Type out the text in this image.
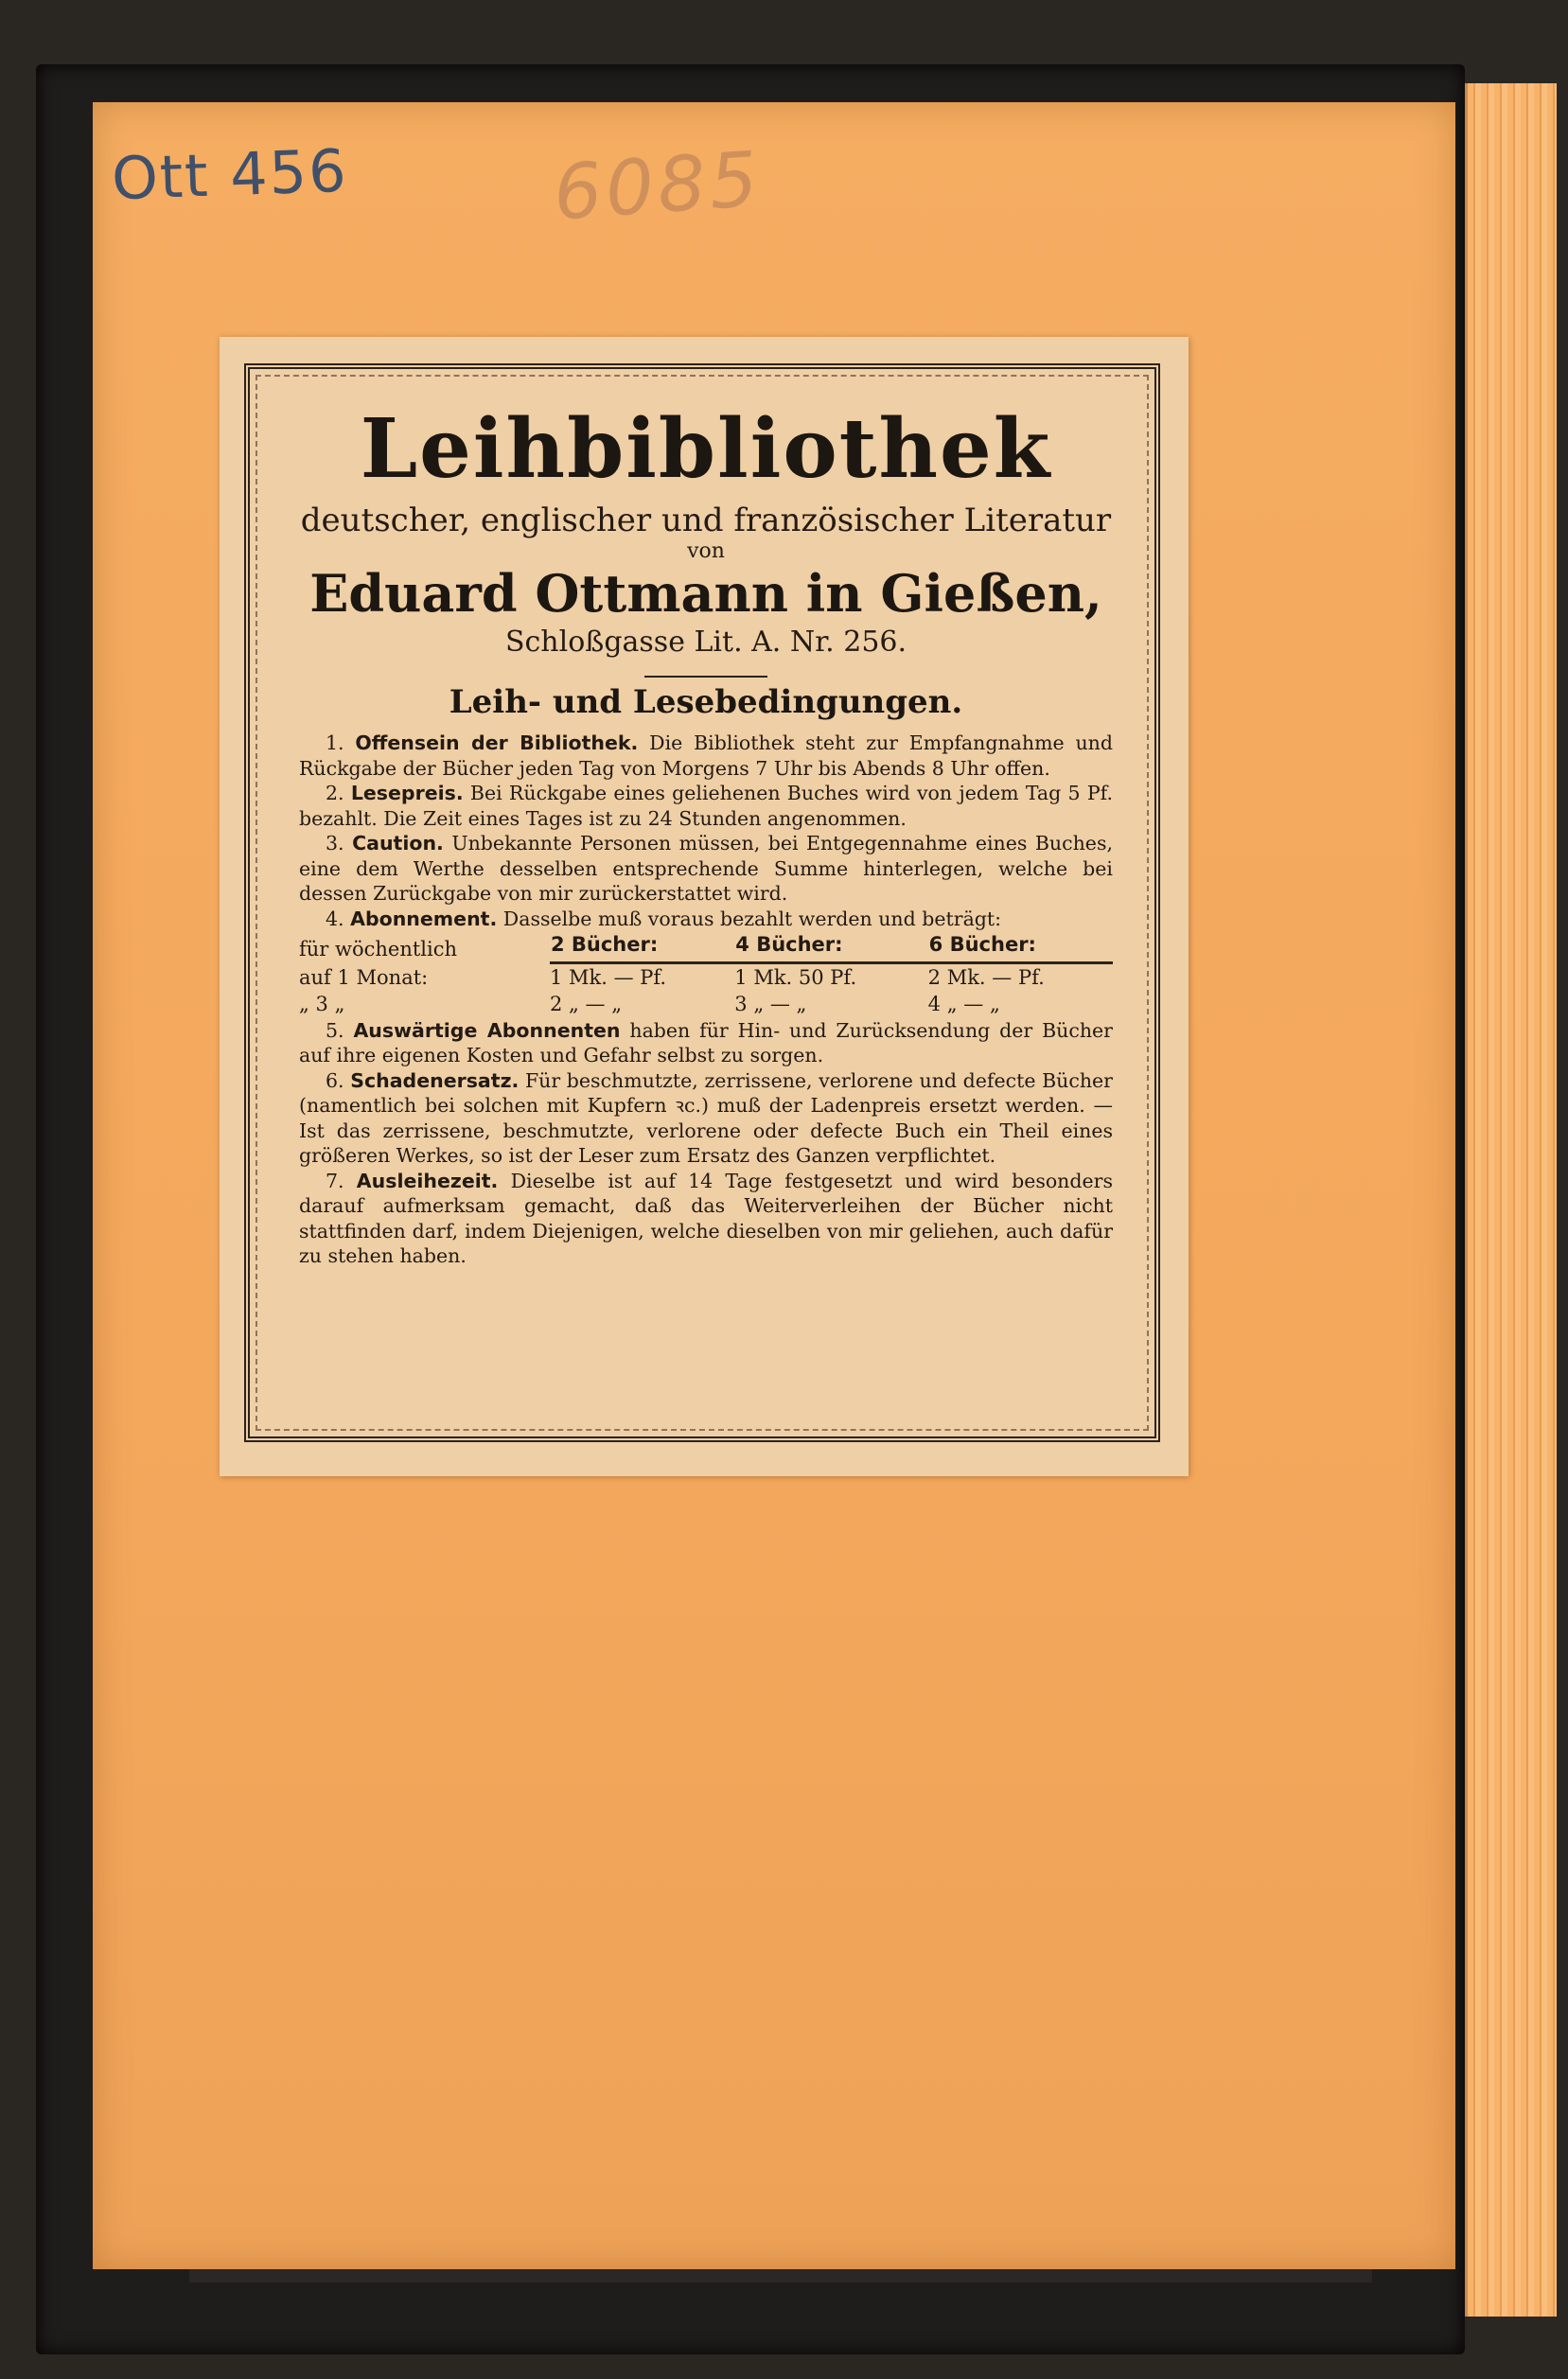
Ott 456	6085
Leihbibliothek

deutscher, englischer und französischer Literatur

von

Eduard Ottmann in Gießen,

Schloßgasse Lit. A. Nr. 256.

Leih- und Lesebedingungen.

1. Offensein der Bibliothek. Die Bibliothek steht zur Empfangnahme und Rückgabe der Bücher jeden Tag von Morgens 7 Uhr bis Abends 8 Uhr offen.

2. Lesepreis. Bei Rückgabe eines geliehenen Buches wird von jedem Tag 5 Pf. bezahlt. Die Zeit eines Tages ist zu 24 Stunden angenommen.

3. Caution. Unbekannte Personen müssen, bei Entgegennahme eines Buches, eine dem Werthe desselben entsprechende Summe hinterlegen, welche bei dessen Zurückgabe von mir zurückerstattet wird.

4. Abonnement. Dasselbe muß voraus bezahlt werden und beträgt:

für wöchentlich	2 Bücher:	4 Bücher:	6 Bücher:
auf 1 Monat:	1 Mk. — Pf.	1 Mk. 50 Pf.	2 Mk. — Pf.
„ 3 „	2 „ — „	3 „ — „	4 „ — „

5. Auswärtige Abonnenten haben für Hin- und Zurücksendung der Bücher auf ihre eigenen Kosten und Gefahr selbst zu sorgen.

6. Schadenersatz. Für beschmutzte, zerrissene, verlorene und defecte Bücher (namentlich bei solchen mit Kupfern ꝛc.) muß der Ladenpreis ersetzt werden. — Ist das zerrissene, beschmutzte, verlorene oder defecte Buch ein Theil eines größeren Werkes, so ist der Leser zum Ersatz des Ganzen verpflichtet.

7. Ausleihezeit. Dieselbe ist auf 14 Tage festgesetzt und wird besonders darauf aufmerksam gemacht, daß das Weiterverleihen der Bücher nicht stattfinden darf, indem Diejenigen, welche dieselben von mir geliehen, auch dafür zu stehen haben.
